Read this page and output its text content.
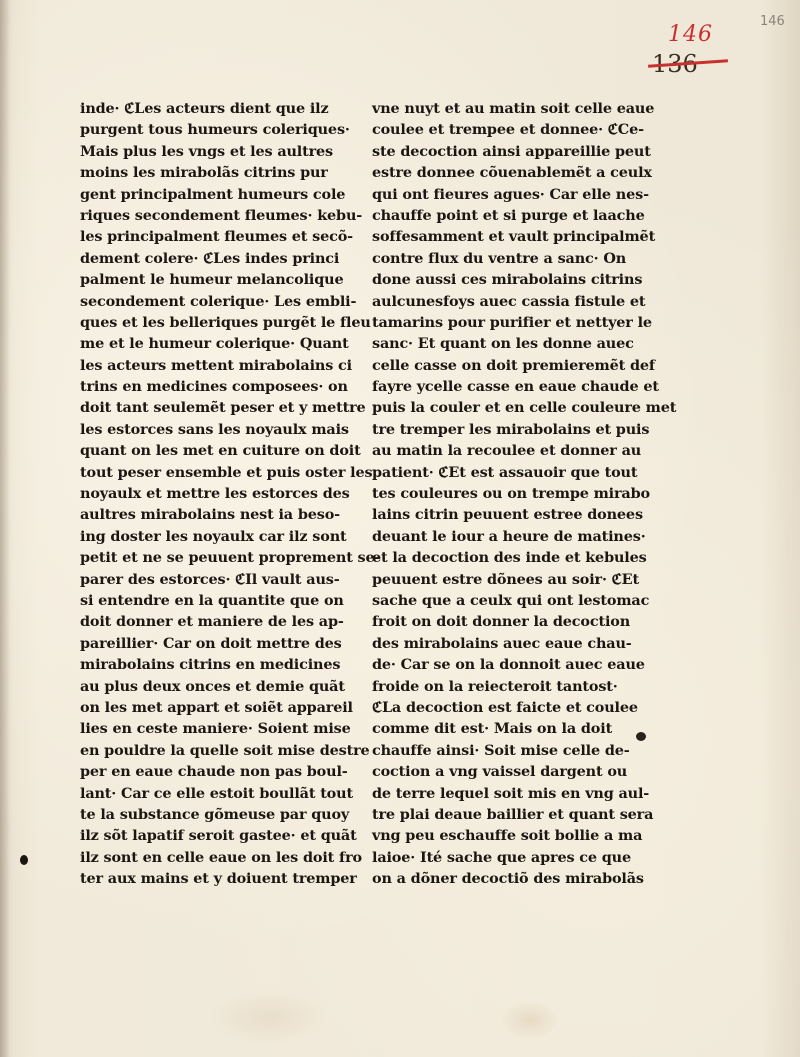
146
146
inde· ℭLes acteurs dient que ilz
purgent tous humeurs coleriques·
Mais plus les vngs et les aultres
moins les mirabolãs citrins pur
gent principalment humeurs cole
riques secondement fleumes· kebu-
les principalment fleumes et secõ-
dement colere· ℭLes indes princi
palment le humeur melancolique
secondement colerique· Les embli-
ques et les belleriques purgẽt le fleu
me et le humeur colerique· Quant
les acteurs mettent mirabolains ci
trins en medicines composees· on
doit tant seulemẽt peser et y mettre
les estorces sans les noyaulx mais
quant on les met en cuiture on doit
tout peser ensemble et puis oster les
noyaulx et mettre les estorces des
aultres mirabolains nest ia beso-
ing doster les noyaulx car ilz sont
petit et ne se peuuent proprement se-
parer des estorces· ℭIl vault aus-
si entendre en la quantite que on
doit donner et maniere de les ap-
pareillier· Car on doit mettre des
mirabolains citrins en medicines
au plus deux onces et demie quãt
on les met appart et soiẽt appareil
lies en ceste maniere· Soient mise
en pouldre la quelle soit mise destre
per en eaue chaude non pas boul-
lant· Car ce elle estoit boullãt tout
te la substance gõmeuse par quoy
ilz sõt lapatif seroit gastee· et quãt
ilz sont en celle eaue on les doit fro
ter aux mains et y doiuent tremper
vne nuyt et au matin soit celle eaue
coulee et trempee et donnee· ℭCe-
ste decoction ainsi appareillie peut
estre donnee cõuenablemẽt a ceulx
qui ont fieures agues· Car elle nes-
chauffe point et si purge et laache
soffesamment et vault principalmẽt
contre flux du ventre a sanc· On
done aussi ces mirabolains citrins
aulcunesfoys auec cassia fistule et
tamarins pour purifier et nettyer le
sanc· Et quant on les donne auec
celle casse on doit premieremẽt def
fayre ycelle casse en eaue chaude et
puis la couler et en celle couleure met
tre tremper les mirabolains et puis
au matin la recoulee et donner au
patient· ℭEt est assauoir que tout
tes couleures ou on trempe mirabo
lains citrin peuuent estree donees
deuant le iour a heure de matines·
et la decoction des inde et kebules
peuuent estre dõnees au soir· ℭEt
sache que a ceulx qui ont lestomac
froit on doit donner la decoction
des mirabolains auec eaue chau-
de· Car se on la donnoit auec eaue
froide on la reiecteroit tantost·
ℭLa decoction est faicte et coulee
comme dit est· Mais on la doit
chauffe ainsi· Soit mise celle de-
coction a vng vaissel dargent ou
de terre lequel soit mis en vng aul-
tre plai deaue baillier et quant sera
vng peu eschauffe soit bollie a ma
laioe· Ité sache que apres ce que
on a dõner decoctiõ des mirabolãs
